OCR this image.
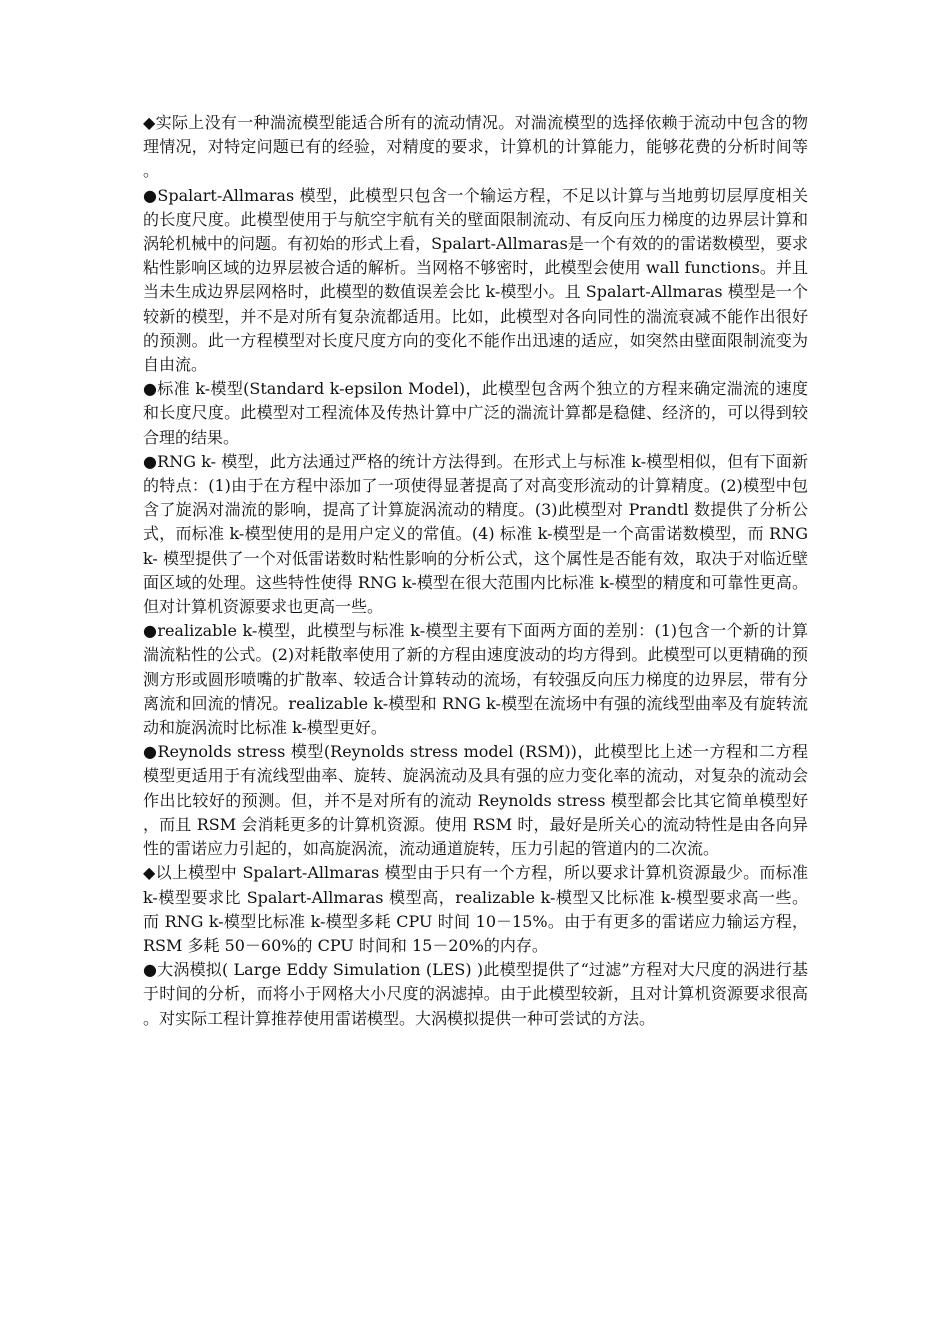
◆实际上没有一种湍流模型能适合所有的流动情况。对湍流模型的选择依赖于流动中包含的物理情况，对特定问题已有的经验，对精度的要求，计算机的计算能力，能够花费的分析时间等。

●Spalart-Allmaras 模型，此模型只包含一个输运方程，不足以计算与当地剪切层厚度相关的长度尺度。此模型使用于与航空宇航有关的壁面限制流动、有反向压力梯度的边界层计算和涡轮机械中的问题。有初始的形式上看，Spalart-Allmaras是一个有效的的雷诺数模型，要求粘性影响区域的边界层被合适的解析。当网格不够密时，此模型会使用 wall functions。并且当未生成边界层网格时，此模型的数值误差会比 k-模型小。且 Spalart-Allmaras 模型是一个较新的模型，并不是对所有复杂流都适用。比如，此模型对各向同性的湍流衰减不能作出很好的预测。此一方程模型对长度尺度方向的变化不能作出迅速的适应，如突然由壁面限制流变为自由流。

●标准 k-模型(Standard k-epsilon Model)，此模型包含两个独立的方程来确定湍流的速度和长度尺度。此模型对工程流体及传热计算中广泛的湍流计算都是稳健、经济的，可以得到较合理的结果。

●RNG k- 模型，此方法通过严格的统计方法得到。在形式上与标准 k-模型相似，但有下面新的特点：(1)由于在方程中添加了一项使得显著提高了对高变形流动的计算精度。(2)模型中包含了旋涡对湍流的影响，提高了计算旋涡流动的精度。(3)此模型对 Prandtl 数提供了分析公式，而标准 k-模型使用的是用户定义的常值。(4) 标准 k-模型是一个高雷诺数模型，而 RNG k- 模型提供了一个对低雷诺数时粘性影响的分析公式，这个属性是否能有效，取决于对临近壁面区域的处理。这些特性使得 RNG k-模型在很大范围内比标准 k-模型的精度和可靠性更高。但对计算机资源要求也更高一些。

●realizable k-模型，此模型与标准 k-模型主要有下面两方面的差别：(1)包含一个新的计算湍流粘性的公式。(2)对耗散率使用了新的方程由速度波动的均方得到。此模型可以更精确的预测方形或圆形喷嘴的扩散率、较适合计算转动的流场，有较强反向压力梯度的边界层，带有分离流和回流的情况。realizable k-模型和 RNG k-模型在流场中有强的流线型曲率及有旋转流动和旋涡流时比标准 k-模型更好。

●Reynolds stress 模型(Reynolds stress model (RSM))，此模型比上述一方程和二方程模型更适用于有流线型曲率、旋转、旋涡流动及具有强的应力变化率的流动，对复杂的流动会作出比较好的预测。但，并不是对所有的流动 Reynolds stress 模型都会比其它简单模型好，而且 RSM 会消耗更多的计算机资源。使用 RSM 时，最好是所关心的流动特性是由各向异性的雷诺应力引起的，如高旋涡流，流动通道旋转，压力引起的管道内的二次流。

◆以上模型中 Spalart-Allmaras 模型由于只有一个方程，所以要求计算机资源最少。而标准 k-模型要求比 Spalart-Allmaras 模型高，realizable k-模型又比标准 k-模型要求高一些。而 RNG k-模型比标准 k-模型多耗 CPU 时间 10－15%。由于有更多的雷诺应力输运方程，RSM 多耗 50－60%的 CPU 时间和 15－20%的内存。

●大涡模拟( Large Eddy Simulation (LES) )此模型提供了“过滤”方程对大尺度的涡进行基于时间的分析，而将小于网格大小尺度的涡滤掉。由于此模型较新，且对计算机资源要求很高。对实际工程计算推荐使用雷诺模型。大涡模拟提供一种可尝试的方法。
